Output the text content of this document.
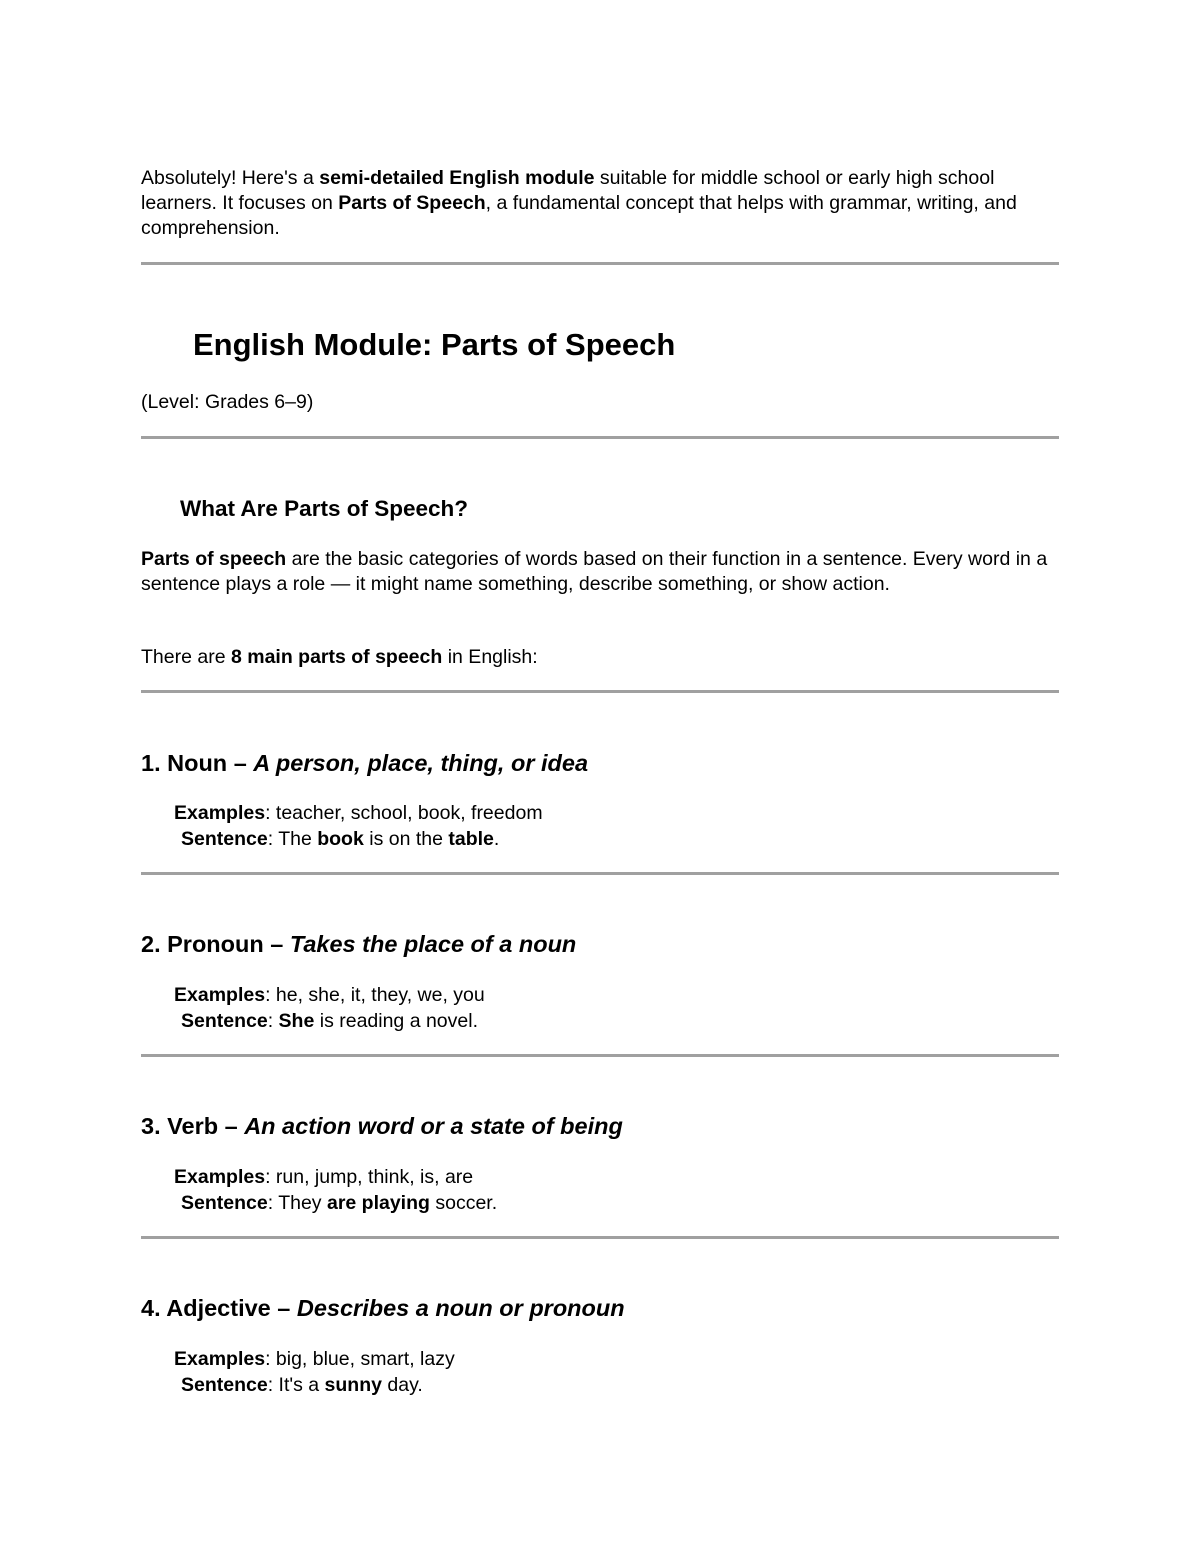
Absolutely! Here's a semi-detailed English module suitable for middle school or early high school learners. It focuses on Parts of Speech, a fundamental concept that helps with grammar, writing, and comprehension.
English Module: Parts of Speech
(Level: Grades 6–9)
What Are Parts of Speech?
Parts of speech are the basic categories of words based on their function in a sentence. Every word in a sentence plays a role — it might name something, describe something, or show action.
There are 8 main parts of speech in English:
1. Noun – A person, place, thing, or idea
Examples: teacher, school, book, freedom
Sentence: The book is on the table.
2. Pronoun – Takes the place of a noun
Examples: he, she, it, they, we, you
Sentence: She is reading a novel.
3. Verb – An action word or a state of being
Examples: run, jump, think, is, are
Sentence: They are playing soccer.
4. Adjective – Describes a noun or pronoun
Examples: big, blue, smart, lazy
Sentence: It's a sunny day.
